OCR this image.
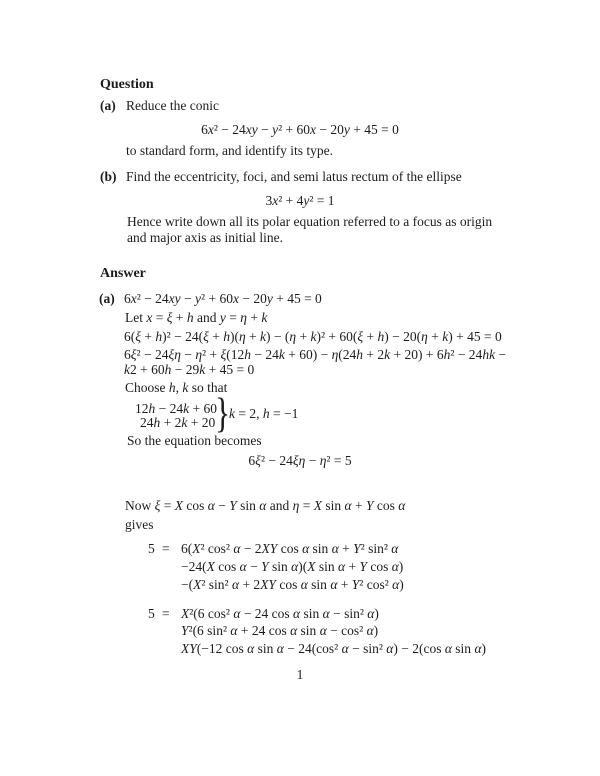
Question
(a) Reduce the conic
6x² − 24xy − y² + 60x − 20y + 45 = 0
to standard form, and identify its type.
(b) Find the eccentricity, foci, and semi latus rectum of the ellipse
3x² + 4y² = 1
Hence write down all its polar equation referred to a focus as origin
and major axis as initial line.
Answer
(a) 6x² − 24xy − y² + 60x − 20y + 45 = 0
Let x = ξ + h and y = η + k
6(ξ + h)² − 24(ξ + h)(η + k) − (η + k)² + 60(ξ + h) − 20(η + k) + 45 = 0
6ξ² − 24ξη − η² + ξ(12h − 24k + 60) − η(24h + 2k + 20) + 6h² − 24hk −
k2 + 60h − 29k + 45 = 0
Choose h, k so that
12h − 24k + 60
24h + 2k + 20 }
k = 2, h = −1
So the equation becomes
6ξ² − 24ξη − η² = 5
Now ξ = X cos α − Y sin α and η = X sin α + Y cos α
gives
5 = 6(X² cos² α − 2XY cos α sin α + Y² sin² α
−24(X cos α − Y sin α)(X sin α + Y cos α)
−(X² sin² α + 2XY cos α sin α + Y² cos² α)
5 = X²(6 cos² α − 24 cos α sin α − sin² α)
Y²(6 sin² α + 24 cos α sin α − cos² α)
XY(−12 cos α sin α − 24(cos² α − sin² α) − 2(cos α sin α)
1
